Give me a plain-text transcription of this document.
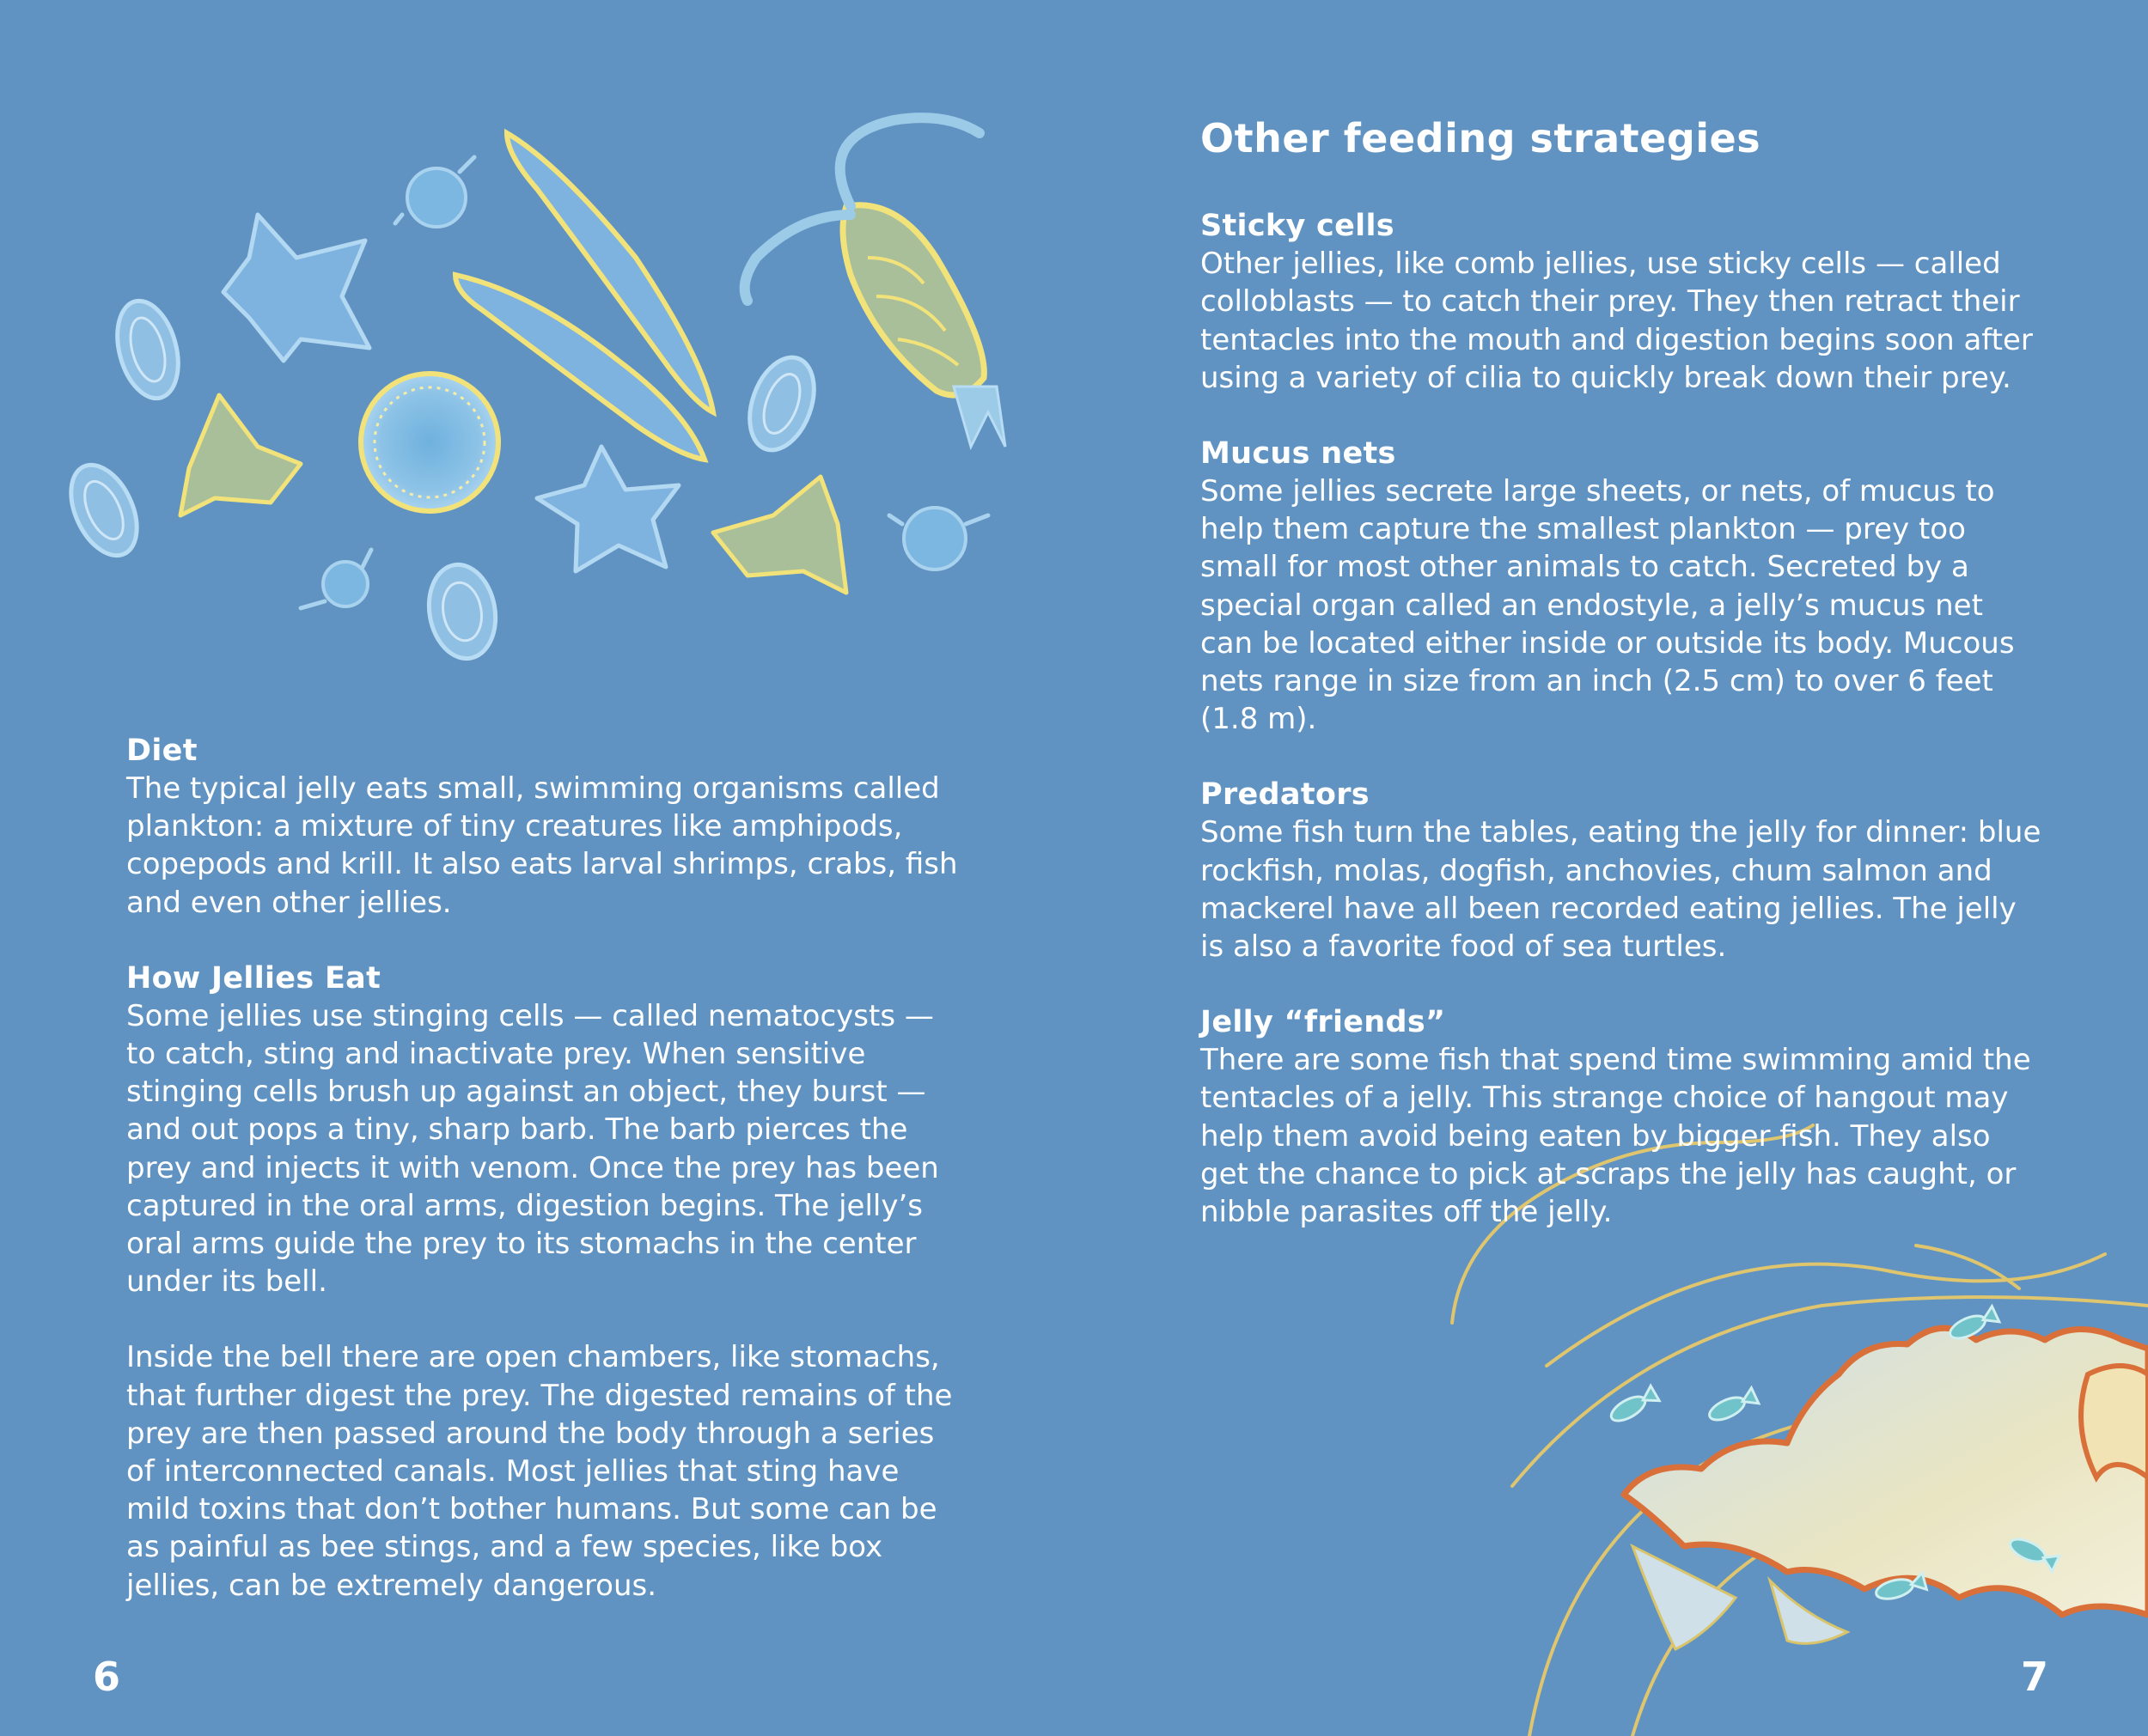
Diet

The typical jelly eats small, swimming organisms called plankton: a mixture of tiny creatures like amphipods, copepods and krill. It also eats larval shrimps, crabs, fish and even other jellies.

How Jellies Eat

Some jellies use stinging cells — called nematocysts — to catch, sting and inactivate prey. When sensitive stinging cells brush up against an object, they burst — and out pops a tiny, sharp barb. The barb pierces the prey and injects it with venom. Once the prey has been captured in the oral arms, digestion begins. The jelly’s oral arms guide the prey to its stomachs in the center under its bell.

Inside the bell there are open chambers, like stomachs, that further digest the prey. The digested remains of the prey are then passed around the body through a series of interconnected canals. Most jellies that sting have mild toxins that don’t bother humans. But some can be as painful as bee stings, and a few species, like box jellies, can be extremely dangerous.

6
Other feeding strategies
Sticky cells

Other jellies, like comb jellies, use sticky cells — called colloblasts — to catch their prey. They then retract their tentacles into the mouth and digestion begins soon after using a variety of cilia to quickly break down their prey.

Mucus nets

Some jellies secrete large sheets, or nets, of mucus to help them capture the smallest plankton — prey too small for most other animals to catch. Secreted by a special organ called an endostyle, a jelly’s mucus net can be located either inside or outside its body. Mucous nets range in size from an inch (2.5 cm) to over 6 feet (1.8 m).

Predators

Some fish turn the tables, eating the jelly for dinner: blue rockfish, molas, dogfish, anchovies, chum salmon and mackerel have all been recorded eating jellies. The jelly is also a favorite food of sea turtles.

Jelly “friends”

There are some fish that spend time swimming amid the tentacles of a jelly. This strange choice of hangout may help them avoid being eaten by bigger fish. They also get the chance to pick at scraps the jelly has caught, or nibble parasites off the jelly.

7
